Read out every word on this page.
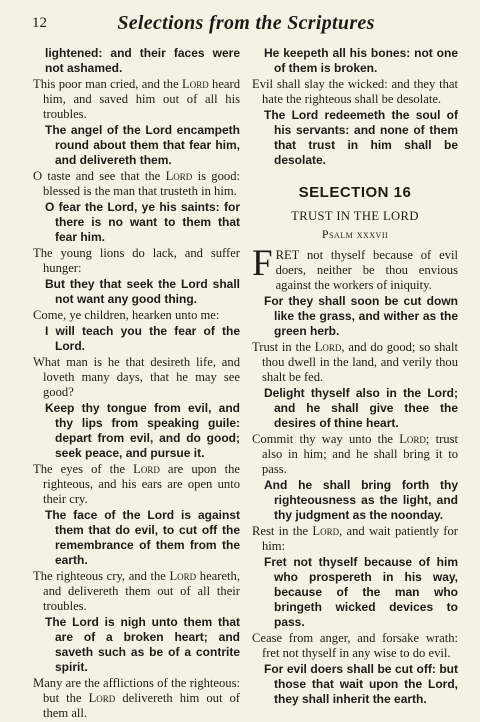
12	Selections from the Scriptures

lightened: and their faces were not ashamed.

This poor man cried, and the Lord heard him, and saved him out of all his troubles.

The angel of the Lord encampeth round about them that fear him, and delivereth them.

O taste and see that the Lord is good: blessed is the man that trusteth in him.

O fear the Lord, ye his saints: for there is no want to them that fear him.

The young lions do lack, and suffer hunger:

But they that seek the Lord shall not want any good thing.

Come, ye children, hearken unto me:

I will teach you the fear of the Lord.

What man is he that desireth life, and loveth many days, that he may see good?

Keep thy tongue from evil, and thy lips from speaking guile: depart from evil, and do good; seek peace, and pursue it.

The eyes of the Lord are upon the righteous, and his ears are open unto their cry.

The face of the Lord is against them that do evil, to cut off the remembrance of them from the earth.

The righteous cry, and the Lord heareth, and delivereth them out of all their troubles.

The Lord is nigh unto them that are of a broken heart; and saveth such as be of a contrite spirit.

Many are the afflictions of the righteous: but the Lord delivereth him out of them all.

He keepeth all his bones: not one of them is broken.

Evil shall slay the wicked: and they that hate the righteous shall be desolate.

The Lord redeemeth the soul of his servants: and none of them that trust in him shall be desolate.

SELECTION 16
TRUST IN THE LORD
Psalm xxxvii

FRET not thyself because of evil doers, neither be thou envious against the workers of iniquity.

For they shall soon be cut down like the grass, and wither as the green herb.

Trust in the Lord, and do good; so shalt thou dwell in the land, and verily thou shalt be fed.

Delight thyself also in the Lord; and he shall give thee the desires of thine heart.

Commit thy way unto the Lord; trust also in him; and he shall bring it to pass.

And he shall bring forth thy righteousness as the light, and thy judgment as the noonday.

Rest in the Lord, and wait patiently for him:

Fret not thyself because of him who prospereth in his way, because of the man who bringeth wicked devices to pass.

Cease from anger, and forsake wrath: fret not thyself in any wise to do evil.

For evil doers shall be cut off: but those that wait upon the Lord, they shall inherit the earth.
